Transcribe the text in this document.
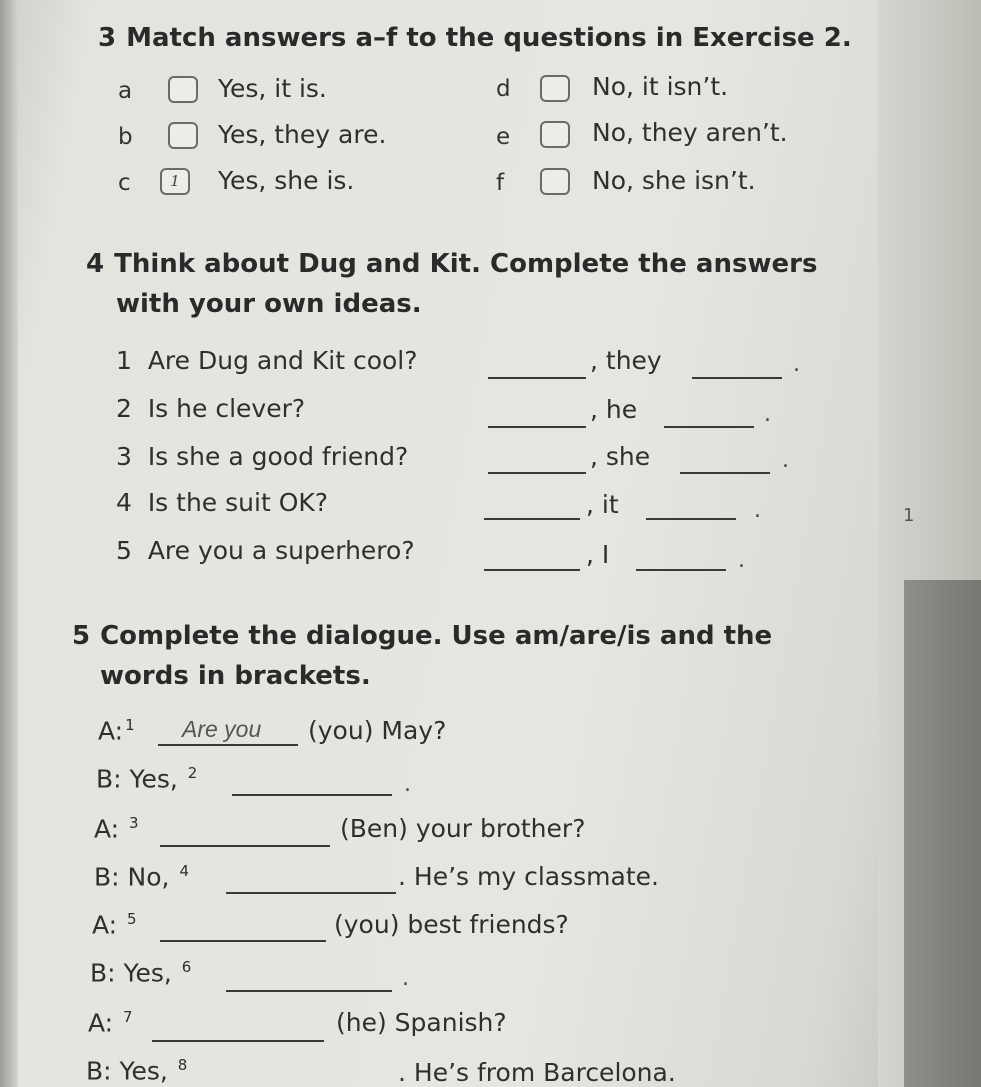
1
3 Match answers a–f to the questions in Exercise 2.
a	Yes, it is.
b	Yes, they are.
c	1	Yes, she is.
d	No, it isn’t.
e	No, they aren’t.
f	No, she isn’t.
4 Think about Dug and Kit. Complete the answers
with your own ideas.
1 Are Dug and Kit cool?	, they	.
2 Is he clever?	, he	.
3 Is she a good friend?	, she	.
4 Is the suit OK?	, it	.
5 Are you a superhero?	, I	.
5 Complete the dialogue. Use am/are/is and the
words in brackets.
A: $^1$ Are you (you) May?
B: Yes, $^2$	.
A: $^3$	(Ben) your brother?
B: No, $^4$	. He’s my classmate.
A: $^5$	(you) best friends?
B: Yes, $^6$	.
A: $^7$	(he) Spanish?
B: Yes, $^8$	. He’s from Barcelona.
